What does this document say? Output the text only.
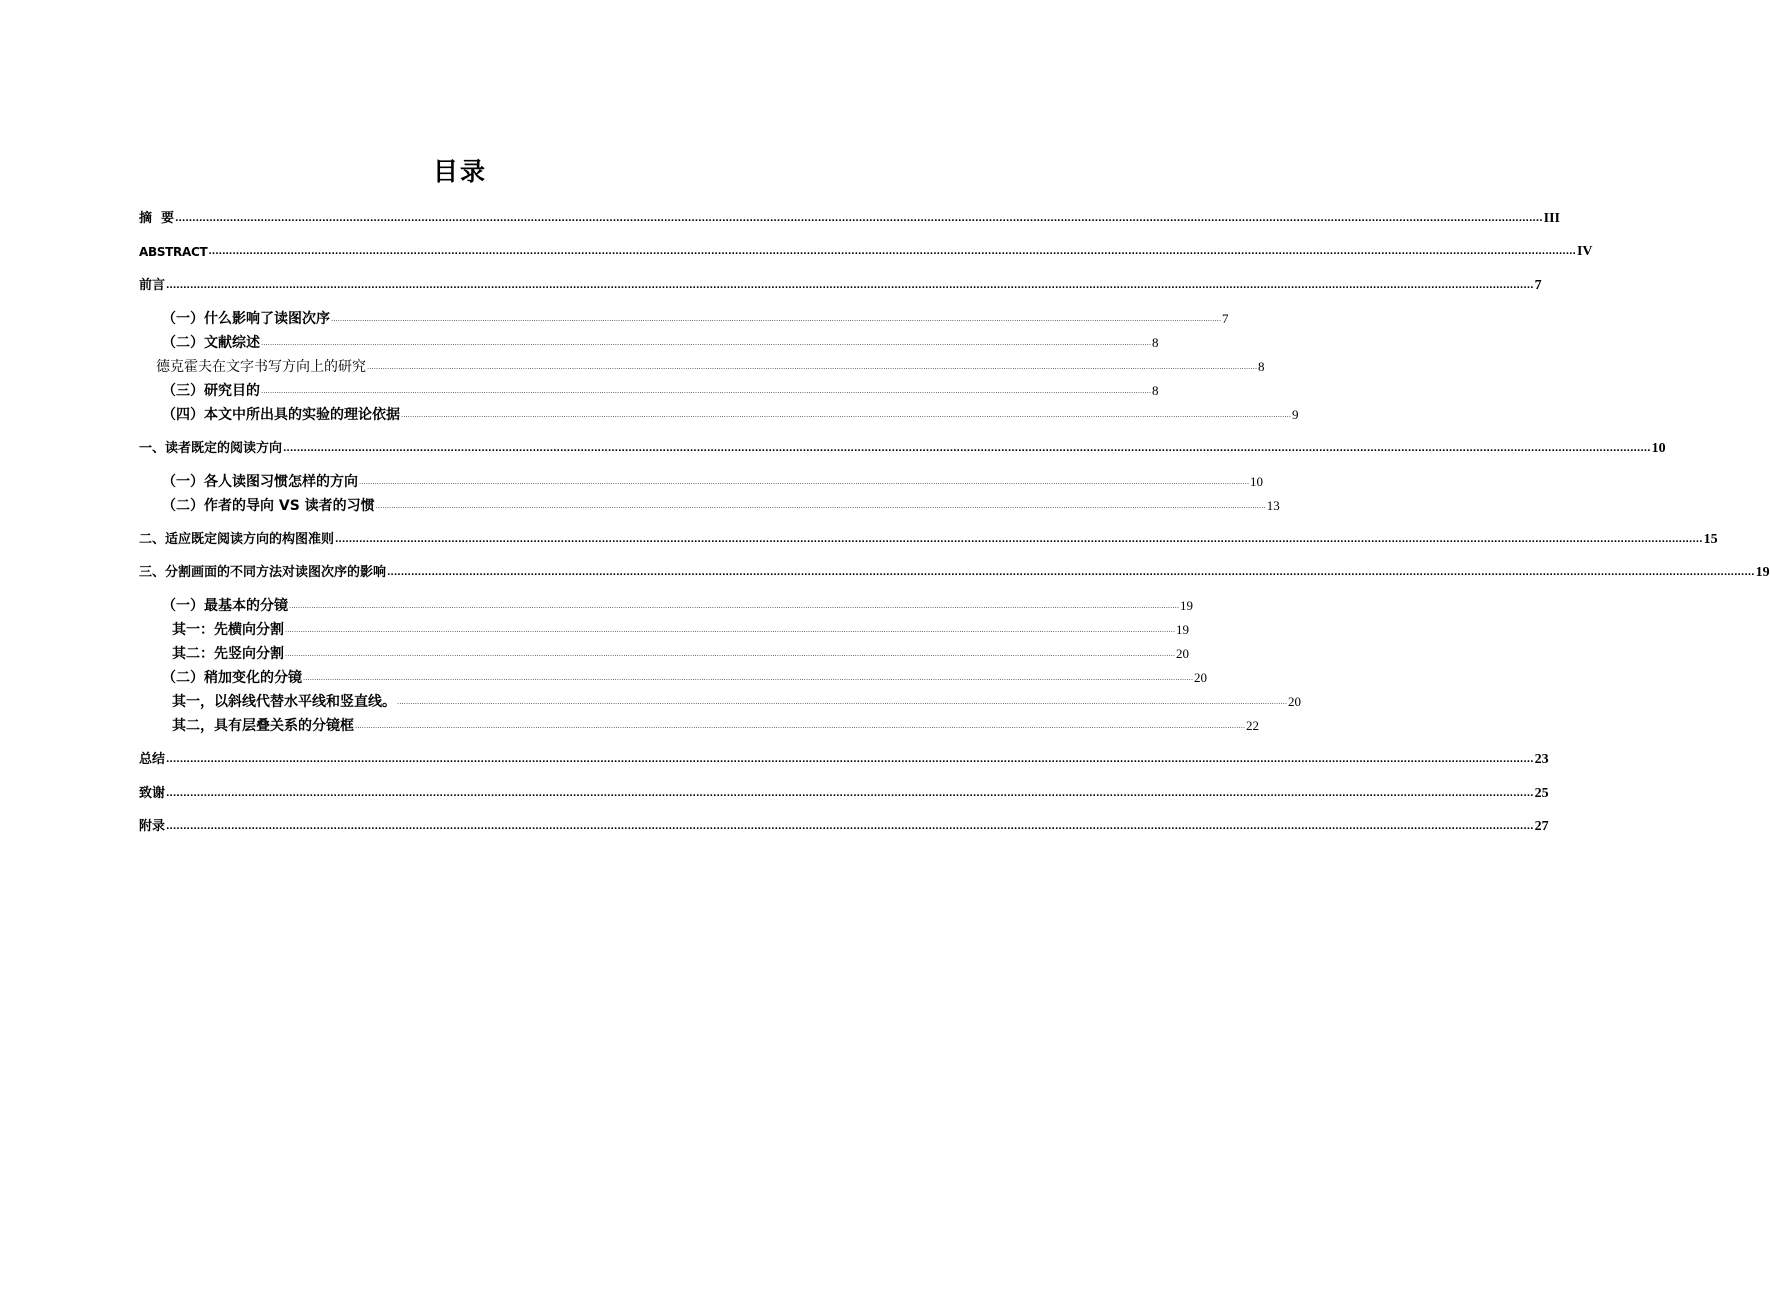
目录
摘  要 ................................................................................................................................................................................................................................................................................................................................................................................................................ III
ABSTRACT ................................................................................................................................................................................................................................................................................................................................................................................................................ IV
前言 ................................................................................................................................................................................................................................................................................................................................................................................................................ 7
（一）什么影响了读图次序 ................................................................................................................................................................................................................................................................................................................................................................................................................ 7
（二）文献综述 ................................................................................................................................................................................................................................................................................................................................................................................................................ 8
德克霍夫在文字书写方向上的研究 ................................................................................................................................................................................................................................................................................................................................................................................................................ 8
（三）研究目的 ................................................................................................................................................................................................................................................................................................................................................................................................................ 8
（四）本文中所出具的实验的理论依据 ................................................................................................................................................................................................................................................................................................................................................................................................................ 9
一、读者既定的阅读方向 ................................................................................................................................................................................................................................................................................................................................................................................................................ 10
（一）各人读图习惯怎样的方向 ................................................................................................................................................................................................................................................................................................................................................................................................................ 10
（二）作者的导向 VS 读者的习惯 ................................................................................................................................................................................................................................................................................................................................................................................................................ 13
二、适应既定阅读方向的构图准则 ................................................................................................................................................................................................................................................................................................................................................................................................................ 15
三、分割画面的不同方法对读图次序的影响 ................................................................................................................................................................................................................................................................................................................................................................................................................ 19
（一）最基本的分镜 ................................................................................................................................................................................................................................................................................................................................................................................................................ 19
其一：先横向分割 ................................................................................................................................................................................................................................................................................................................................................................................................................ 19
其二：先竖向分割 ................................................................................................................................................................................................................................................................................................................................................................................................................ 20
（二）稍加变化的分镜 ................................................................................................................................................................................................................................................................................................................................................................................................................ 20
其一，以斜线代替水平线和竖直线。 ................................................................................................................................................................................................................................................................................................................................................................................................................ 20
其二，具有层叠关系的分镜框 ................................................................................................................................................................................................................................................................................................................................................................................................................ 22
总结 ................................................................................................................................................................................................................................................................................................................................................................................................................ 23
致谢 ................................................................................................................................................................................................................................................................................................................................................................................................................ 25
附录 ................................................................................................................................................................................................................................................................................................................................................................................................................ 27
